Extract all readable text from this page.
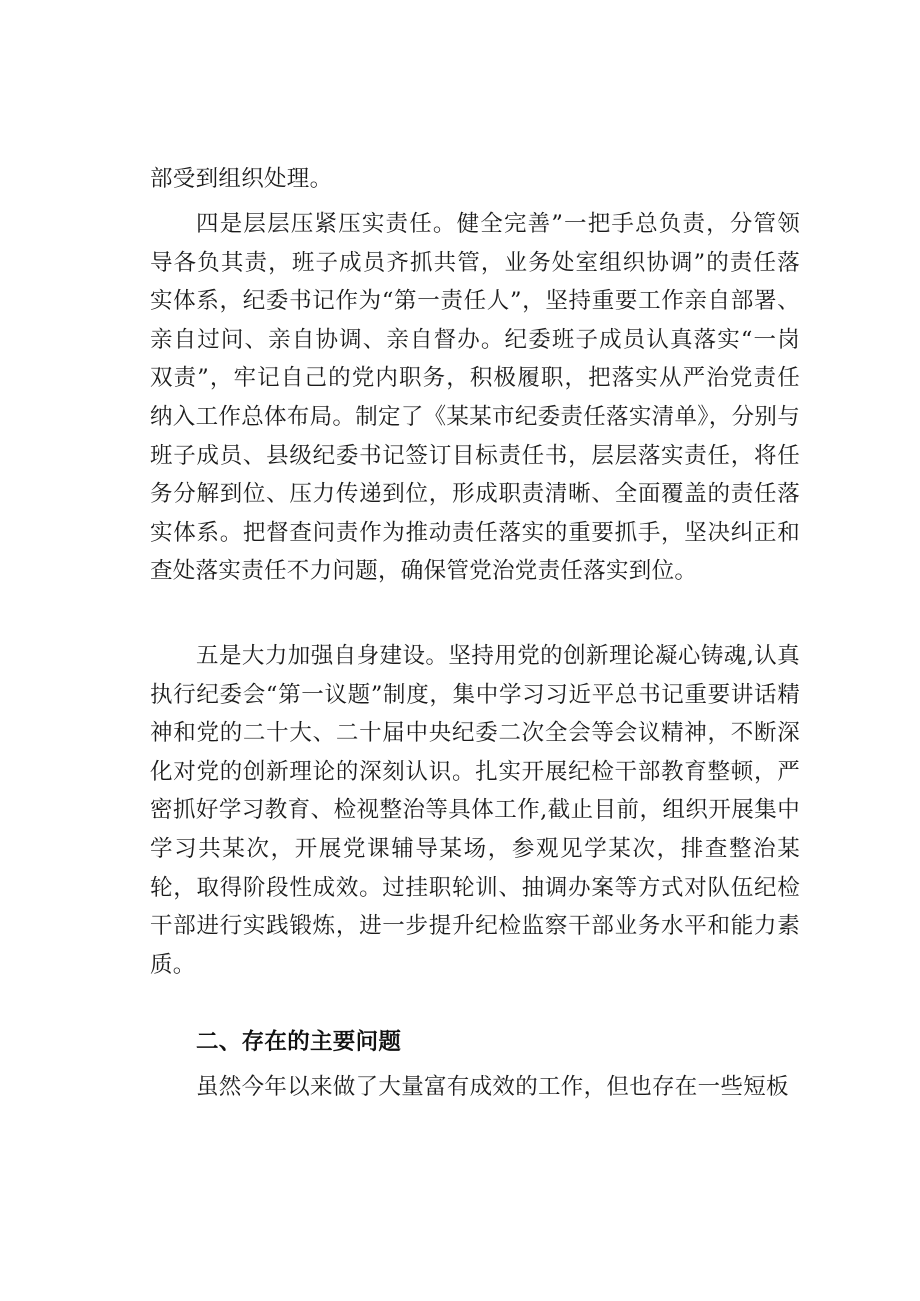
部受到组织处理。

四是层层压紧压实责任。健全完善”一把手总负责，分管领导各负其责，班子成员齐抓共管，业务处室组织协调”的责任落实体系，纪委书记作为“第一责任人”，坚持重要工作亲自部署、亲自过问、亲自协调、亲自督办。纪委班子成员认真落实“一岗双责”，牢记自己的党内职务，积极履职，把落实从严治党责任纳入工作总体布局。制定了《某某市纪委责任落实清单》，分别与班子成员、县级纪委书记签订目标责任书，层层落实责任，将任务分解到位、压力传递到位，形成职责清晰、全面覆盖的责任落实体系。把督查问责作为推动责任落实的重要抓手，坚决纠正和查处落实责任不力问题，确保管党治党责任落实到位。

五是大力加强自身建设。坚持用党的创新理论凝心铸魂,认真执行纪委会“第一议题”制度，集中学习习近平总书记重要讲话精神和党的二十大、二十届中央纪委二次全会等会议精神，不断深化对党的创新理论的深刻认识。扎实开展纪检干部教育整顿，严密抓好学习教育、检视整治等具体工作,截止目前，组织开展集中学习共某次，开展党课辅导某场，参观见学某次，排查整治某轮，取得阶段性成效。过挂职轮训、抽调办案等方式对队伍纪检干部进行实践锻炼，进一步提升纪检监察干部业务水平和能力素质。

二、存在的主要问题

虽然今年以来做了大量富有成效的工作，但也存在一些短板
